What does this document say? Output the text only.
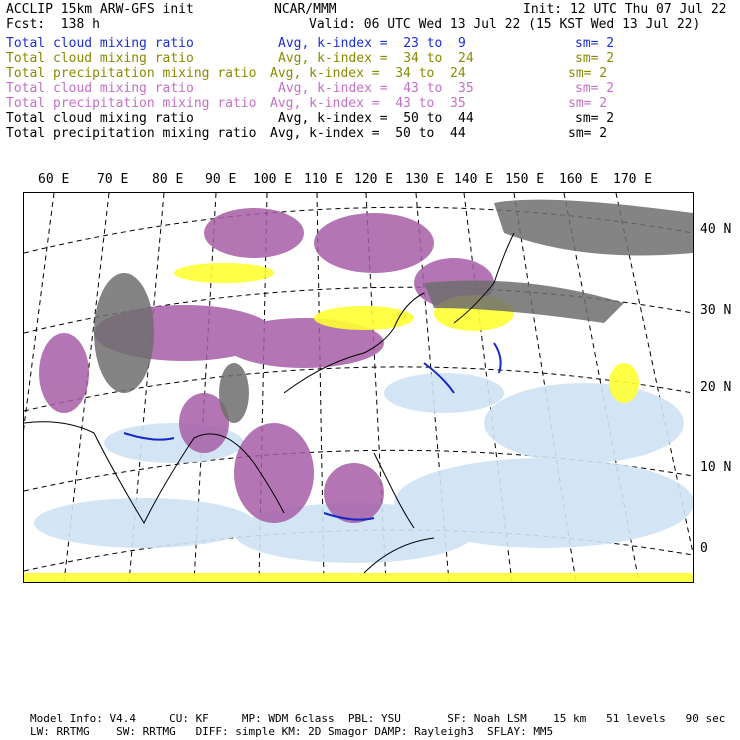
ACCLIP 15km ARW-GFS init	NCAR/MMM	Init: 12 UTC Thu 07 Jul 22
Fcst:  138 h	Valid: 06 UTC Wed 13 Jul 22 (15 KST Wed 13 Jul 22)
Total cloud mixing ratio	Avg, k-index =  23 to  9	sm= 2
Total cloud mixing ratio	Avg, k-index =  34 to  24	sm= 2
Total precipitation mixing ratio Avg, k-index =  34 to  24	sm= 2
Total cloud mixing ratio	Avg, k-index =  43 to  35	sm= 2
Total precipitation mixing ratio Avg, k-index =  43 to  35	sm= 2
Total cloud mixing ratio	Avg, k-index =  50 to  44	sm= 2
Total precipitation mixing ratio Avg, k-index =  50 to  44	sm= 2
60 E 70 E 80 E 90 E 100 E 110 E 120 E 130 E 140 E 150 E 160 E 170 E
40 N
30 N
20 N
10 N
0
Model Info: V4.4     CU: KF     MP: WDM 6class  PBL: YSU       SF: Noah LSM    15 km   51 levels   90 sec
LW: RRTMG    SW: RRTMG   DIFF: simple KM: 2D Smagor DAMP: Rayleigh3  SFLAY: MM5
